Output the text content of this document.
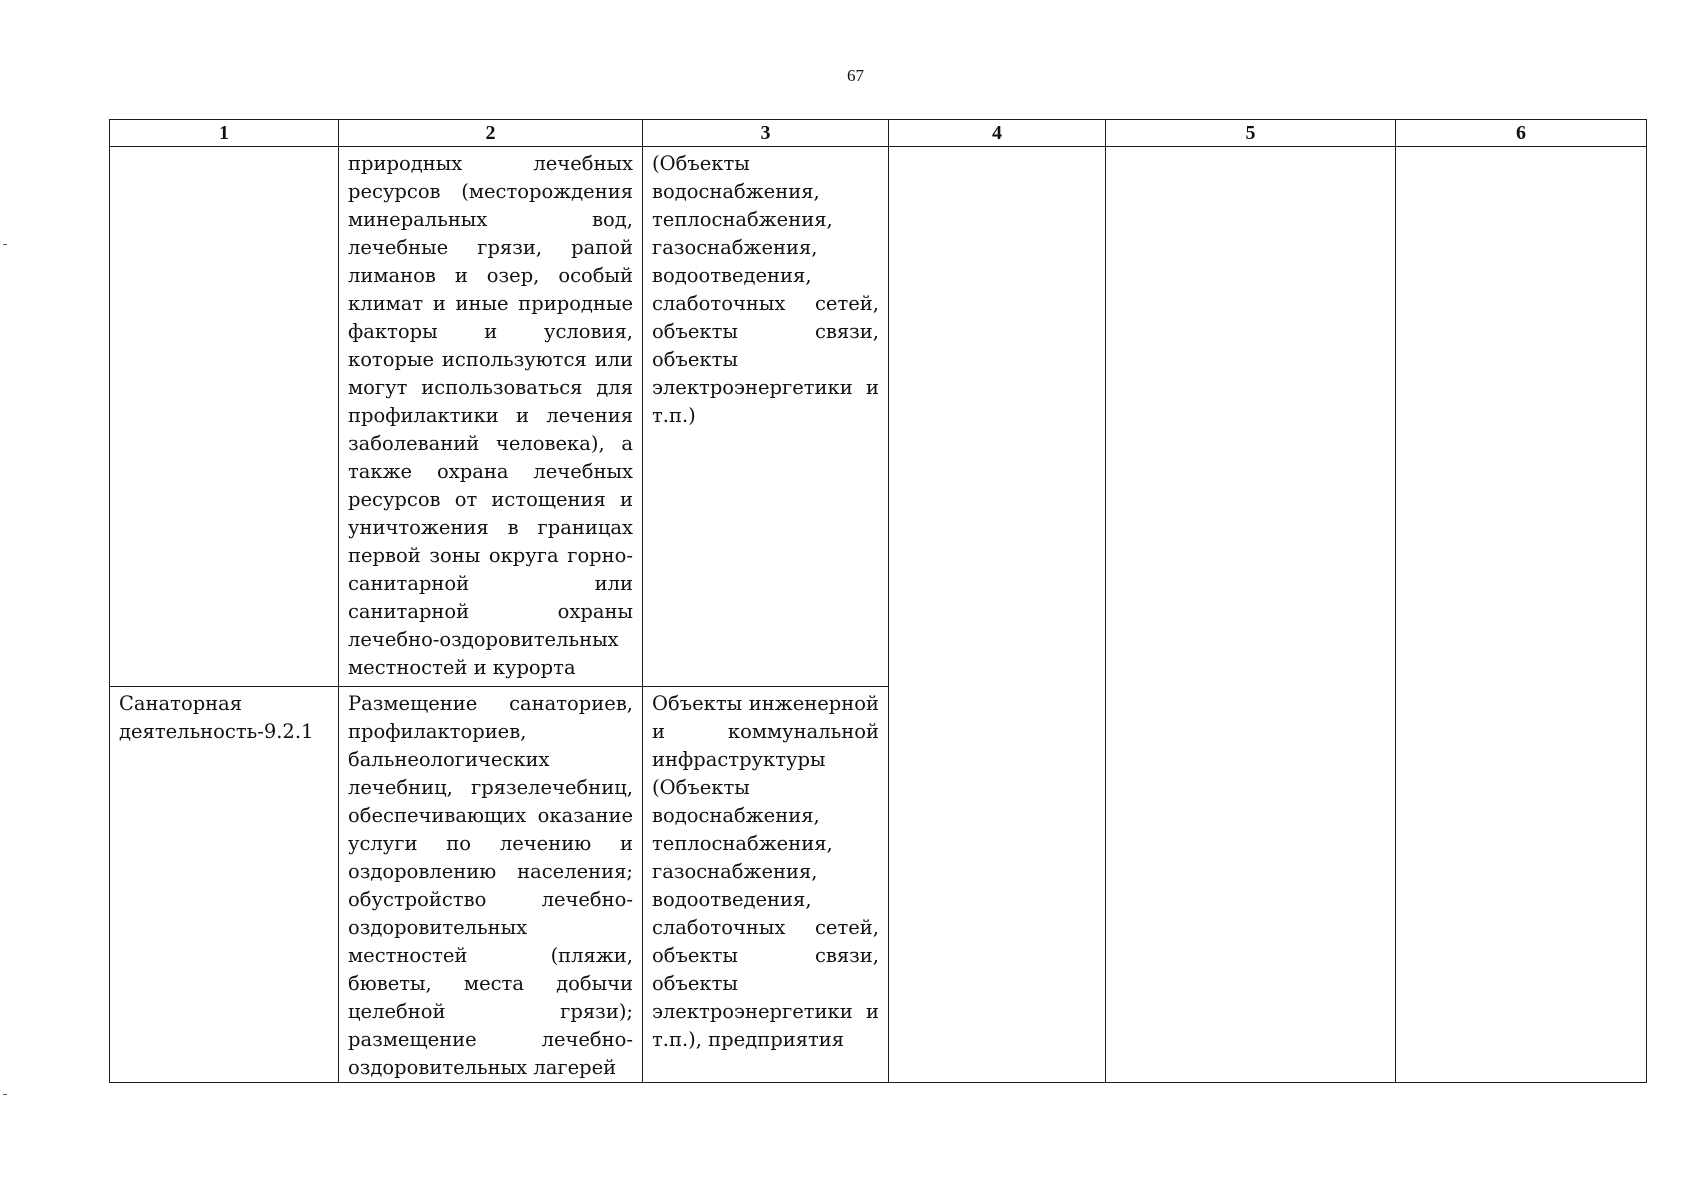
67
1	2	3	4	5	6
	природных лечебных ресурсов (месторождения минеральных вод, лечебные грязи, рапой лиманов и озер, особый климат и иные природные факторы и условия, которые используются или могут использоваться для профилактики и лечения заболеваний человека), а также охрана лечебных ресурсов от истощения и уничтожения в границах первой зоны округа горно-санитарной или санитарной охраны лечебно-оздоровительных местностей и курорта	(Объекты водоснабжения, теплоснабжения, газоснабжения, водоотведения, слаботочных сетей, объекты связи, объекты электроэнергетики и т.п.)			
Санаторная деятельность-9.2.1	Размещение санаториев, профилакториев, бальнеологических лечебниц, грязелечебниц, обеспечивающих оказание услуги по лечению и оздоровлению населения; обустройство лечебно-оздоровительных местностей (пляжи, бюветы, места добычи целебной грязи); размещение лечебно-оздоровительных лагерей	Объекты инженерной и коммунальной инфраструктуры (Объекты водоснабжения, теплоснабжения, газоснабжения, водоотведения, слаботочных сетей, объекты связи, объекты электроэнергетики и т.п.), предприятия			
